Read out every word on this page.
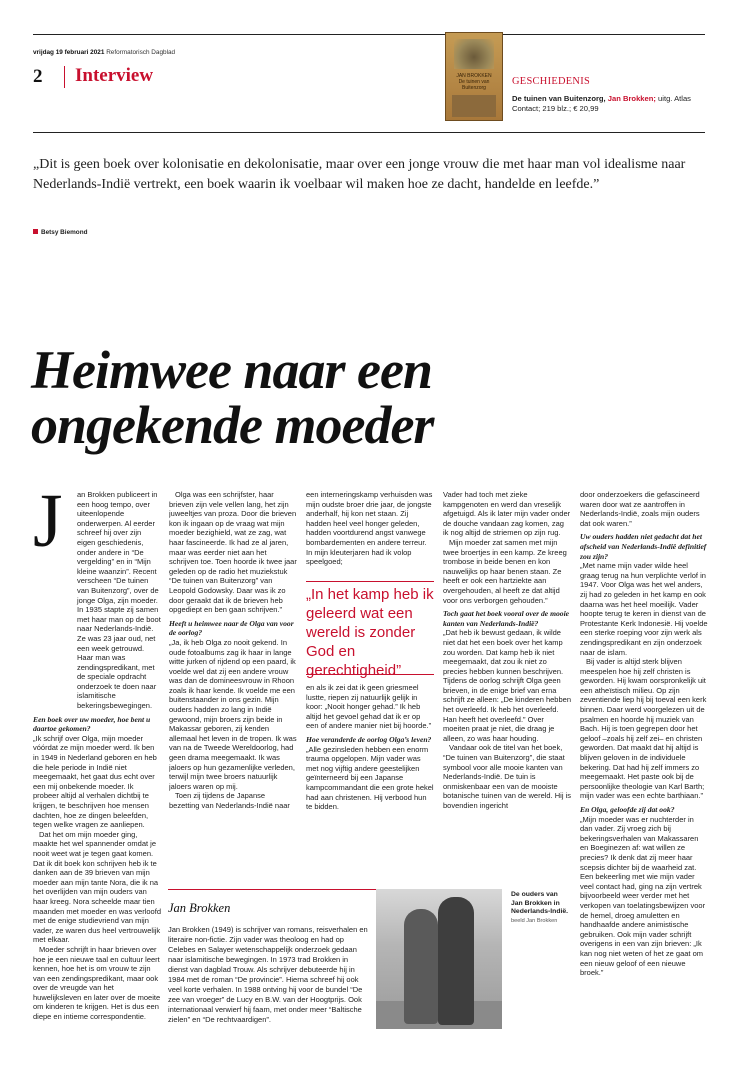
vrijdag 19 februari 2021 Reformatorisch Dagblad
2 Interview	JAN BROKKEN
De tuinen van Buitenzorg
GESCHIEDENIS
De tuinen van Buitenzorg, Jan Brokken; uitg. Atlas Contact; 219 blz.; € 20,99
„Dit is geen boek over kolonisatie en dekolonisatie, maar over een jonge vrouw die met haar man vol idealisme naar Nederlands-Indië vertrekt, een boek waarin ik voelbaar wil maken hoe ze dacht, handelde en leefde.”
Betsy Biemond
Heimwee naar een
ongekende moeder
J	an Brokken publiceert in een hoog tempo, over uiteenlopende onderwerpen. Al eerder schreef hij over zijn eigen geschiedenis, onder andere in “De vergelding” en in “Mijn kleine waanzin”. Recent verscheen “De tuinen van Buitenzorg”, over de jonge Olga, zijn moeder. In 1935 stapte zij samen met haar man op de boot naar Nederlands-Indië. Ze was 23 jaar oud, net een week getrouwd. Haar man was zendingspredikant, met de speciale opdracht onderzoek te doen naar islamitische bekeringsbewegingen.

Een boek over uw moeder, hoe bent u daartoe gekomen?

„Ik schrijf over Olga, mijn moeder vóórdat ze mijn moeder werd. Ik ben in 1949 in Nederland geboren en heb die hele periode in Indië niet meegemaakt, het gaat dus echt over een mij onbekende moeder. Ik probeer altijd al verhalen dichtbij te krijgen, te beschrijven hoe mensen dachten, hoe ze dingen beleefden, tegen welke vragen ze aanliepen.

Dat het om mijn moeder ging, maakte het wel spannender omdat je nooit weet wat je tegen gaat komen. Dat ik dit boek kon schrijven heb ik te danken aan de 39 brieven van mijn moeder aan mijn tante Nora, die ik na het overlijden van mijn ouders van haar kreeg. Nora scheelde maar tien maanden met moeder en was verloofd met de enige studievriend van mijn vader, ze waren dus heel vertrouwelijk met elkaar.

Moeder schrijft in haar brieven over hoe je een nieuwe taal en cultuur leert kennen, hoe het is om vrouw te zijn van een zendingspredikant, maar ook over de vreugde van het huwelijksleven en later over de moeite om kinderen te krijgen. Het is dus een diepe en intieme correspondentie.

Olga was een schrijfster, haar brieven zijn vele vellen lang, het zijn juweeltjes van proza. Door die brieven kon ik ingaan op de vraag wat mijn moeder bezighield, wat ze zag, wat haar fascineerde. Ik had ze al jaren, maar was eerder niet aan het schrijven toe. Toen hoorde ik twee jaar geleden op de radio het muziekstuk “De tuinen van Buitenzorg” van Leopold Godowsky. Daar was ik zo door geraakt dat ik de brieven heb opgediept en ben gaan schrijven.”

Heeft u heimwee naar de Olga van voor de oorlog?

„Ja, ik heb Olga zo nooit gekend. In oude fotoalbums zag ik haar in lange witte jurken of rijdend op een paard, ik voelde wel dat zij een andere vrouw was dan de domineesvrouw in Rhoon zoals ik haar kende. Ik voelde me een buitenstaander in ons gezin. Mijn ouders hadden zo lang in Indië gewoond, mijn broers zijn beide in Makassar geboren, zij kenden allemaal het leven in de tropen. Ik was van na de Tweede Wereldoorlog, had geen drama meegemaakt. Ik was jaloers op hun gezamenlijke verleden, terwijl mijn twee broers natuurlijk jaloers waren op mij.

Toen zij tijdens de Japanse bezetting van Nederlands-Indië naar

een interneringskamp verhuisden was mijn oudste broer drie jaar, de jongste anderhalf, hij kon net staan. Zij hadden heel veel honger geleden, hadden voortdurend angst vanwege bombardementen en andere terreur. In mijn kleuterjaren had ik volop speelgoed;

„In het kamp heb ik geleerd wat een wereld is zonder God en gerechtigheid”

en als ik zei dat ik geen griesmeel lustte, riepen zij natuurlijk gelijk in koor: „Nooit honger gehad.” Ik heb altijd het gevoel gehad dat ik er op een of andere manier niet bij hoorde.”

Hoe veranderde de oorlog Olga’s leven?

„Alle gezinsleden hebben een enorm trauma opgelopen. Mijn vader was met nog vijftig andere geestelijken geïnterneerd bij een Japanse kampcommandant die een grote hekel had aan christenen. Hij verbood hun te bidden.

Vader had toch met zieke kampgenoten en werd dan vreselijk afgetuigd. Als ik later mijn vader onder de douche vandaan zag komen, zag ik nog altijd de striemen op zijn rug.

Mijn moeder zat samen met mijn twee broertjes in een kamp. Ze kreeg trombose in beide benen en kon nauwelijks op haar benen staan. Ze heeft er ook een hartziekte aan overgehouden, al heeft ze dat altijd voor ons verborgen gehouden.”

Toch gaat het boek vooral over de mooie kanten van Nederlands-Indië?

„Dat heb ik bewust gedaan, ik wilde niet dat het een boek over het kamp zou worden. Dat kamp heb ik niet meegemaakt, dat zou ik niet zo precies hebben kunnen beschrijven. Tijdens de oorlog schrijft Olga geen brieven, in de enige brief van erna schrijft ze alleen: „De kinderen hebben het overleefd. Ik heb het overleefd. Han heeft het overleefd.” Over moeiten praat je niet, die draag je alleen, zo was haar houding.

Vandaar ook de titel van het boek, “De tuinen van Buitenzorg”, die staat symbool voor alle mooie kanten van Nederlands-Indië. De tuin is onmiskenbaar een van de mooiste botanische tuinen van de wereld. Hij is bovendien ingericht

door onderzoekers die gefascineerd waren door wat ze aantroffen in Nederlands-Indië, zoals mijn ouders dat ook waren.”

Uw ouders hadden niet gedacht dat het afscheid van Nederlands-Indië definitief zou zijn?

„Met name mijn vader wilde heel graag terug na hun verplichte verlof in 1947. Voor Olga was het wel anders, zij had zo geleden in het kamp en ook daarna was het heel moeilijk. Vader hoopte terug te keren in dienst van de Protestante Kerk Indonesië. Hij voelde een sterke roeping voor zijn werk als zendingspredikant en zijn onderzoek naar de islam.

Bij vader is altijd sterk blijven meespelen hoe hij zelf christen is geworden. Hij kwam oorspronkelijk uit een atheïstisch milieu. Op zijn zeventiende liep hij bij toeval een kerk binnen. Daar werd voorgelezen uit de psalmen en hoorde hij muziek van Bach. Hij is toen gegrepen door het geloof –zoals hij zelf zei– en christen geworden. Dat maakt dat hij altijd is blijven geloven in de individuele bekering. Dat had hij zelf immers zo meegemaakt. Het paste ook bij de persoonlijke theologie van Karl Barth; mijn vader was een echte barthiaan.”

En Olga, geloofde zij dat ook?

„Mijn moeder was er nuchterder in dan vader. Zij vroeg zich bij bekeringsverhalen van Makassaren en Boeginezen af: wat willen ze precies? Ik denk dat zij meer haar scepsis dichter bij de waarheid zat. Een bekeerling met wie mijn vader veel contact had, ging na zijn vertrek bijvoorbeeld weer verder met het verkopen van toelatingsbewijzen voor de hemel, droeg amuletten en handhaafde andere animistische gebruiken. Ook mijn vader schrijft overigens in een van zijn brieven: „Ik kan nog niet weten of het ze gaat om een nieuw geloof of een nieuwe broek.”

Jan Brokken
Jan Brokken (1949) is schrijver van romans, reisverhalen en literaire non-fictie. Zijn vader was theoloog en had op Celebes en Salayer wetenschappelijk onderzoek gedaan naar islamitische bewegingen. In 1973 trad Brokken in dienst van dagblad Trouw. Als schrijver debuteerde hij in 1984 met de roman “De provincie”. Hierna schreef hij ook veel korte verhalen. In 1988 ontving hij voor de bundel “De zee van vroeger” de Lucy en B.W. van der Hoogtprijs. Ook internationaal verwierf hij faam, met onder meer “Baltische zielen” en “De rechtvaardigen”.
De ouders van Jan Brokken in Nederlands-Indië. beeld Jan Brokken
